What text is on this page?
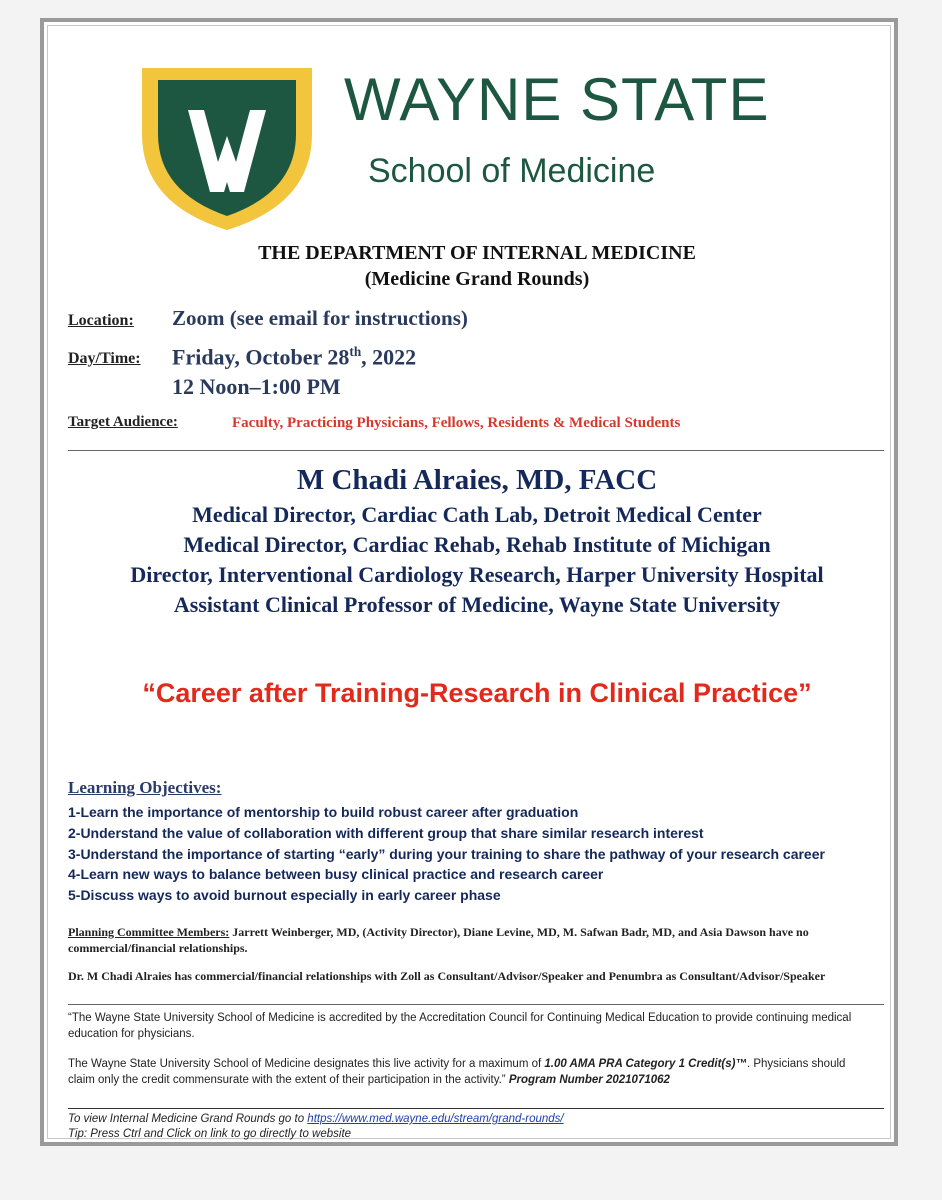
WAYNE STATE
School of Medicine
THE DEPARTMENT OF INTERNAL MEDICINE
(Medicine Grand Rounds)
Location: Zoom (see email for instructions)
Day/Time: Friday, October 28th, 2022
12 Noon–1:00 PM
Target Audience:	Faculty, Practicing Physicians, Fellows, Residents & Medical Students
M Chadi Alraies, MD, FACC
Medical Director, Cardiac Cath Lab, Detroit Medical Center
Medical Director, Cardiac Rehab, Rehab Institute of Michigan
Director, Interventional Cardiology Research, Harper University Hospital
Assistant Clinical Professor of Medicine, Wayne State University
“Career after Training-Research in Clinical Practice”
Learning Objectives:
1-Learn the importance of mentorship to build robust career after graduation
2-Understand the value of collaboration with different group that share similar research interest
3-Understand the importance of starting “early” during your training to share the pathway of your research career
4-Learn new ways to balance between busy clinical practice and research career
5-Discuss ways to avoid burnout especially in early career phase
Planning Committee Members: Jarrett Weinberger, MD, (Activity Director), Diane Levine, MD, M. Safwan Badr, MD, and Asia Dawson have no commercial/financial relationships.
Dr. M Chadi Alraies has commercial/financial relationships with Zoll as Consultant/Advisor/Speaker and Penumbra as Consultant/Advisor/Speaker
“The Wayne State University School of Medicine is accredited by the Accreditation Council for Continuing Medical Education to provide continuing medical education for physicians.
The Wayne State University School of Medicine designates this live activity for a maximum of 1.00 AMA PRA Category 1 Credit(s)™. Physicians should claim only the credit commensurate with the extent of their participation in the activity.” Program Number 2021071062
To view Internal Medicine Grand Rounds go to https://www.med.wayne.edu/stream/grand-rounds/
Tip: Press Ctrl and Click on link to go directly to website
